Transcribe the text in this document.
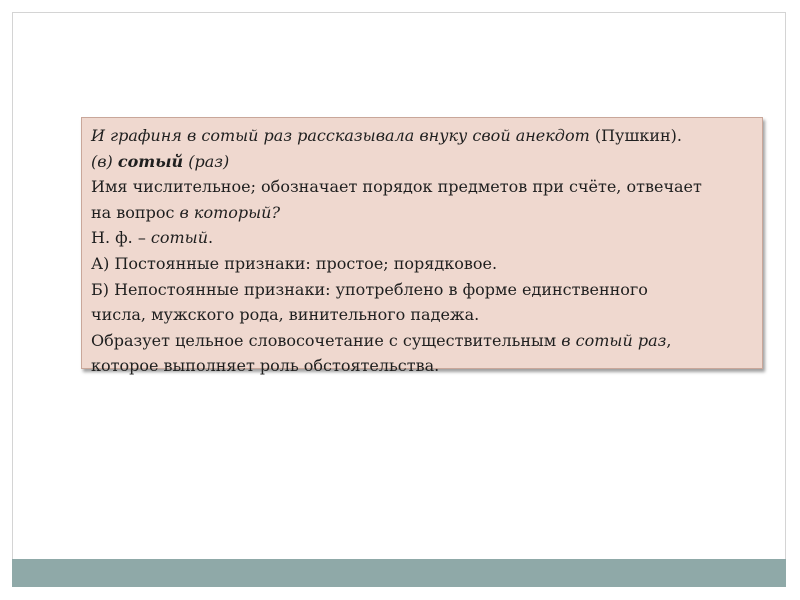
И графиня в сотый раз рассказывала внуку свой анекдот (Пушкин).
(в) сотый (раз)
Имя числительное; обозначает порядок предметов при счёте, отвечает
на вопрос в который?
Н. ф. – сотый.
А) Постоянные признаки: простое; порядковое.
Б) Непостоянные признаки: употреблено в форме единственного
числа, мужского рода, винительного падежа.
Образует цельное словосочетание с существительным в сотый раз,
которое выполняет роль обстоятельства.
